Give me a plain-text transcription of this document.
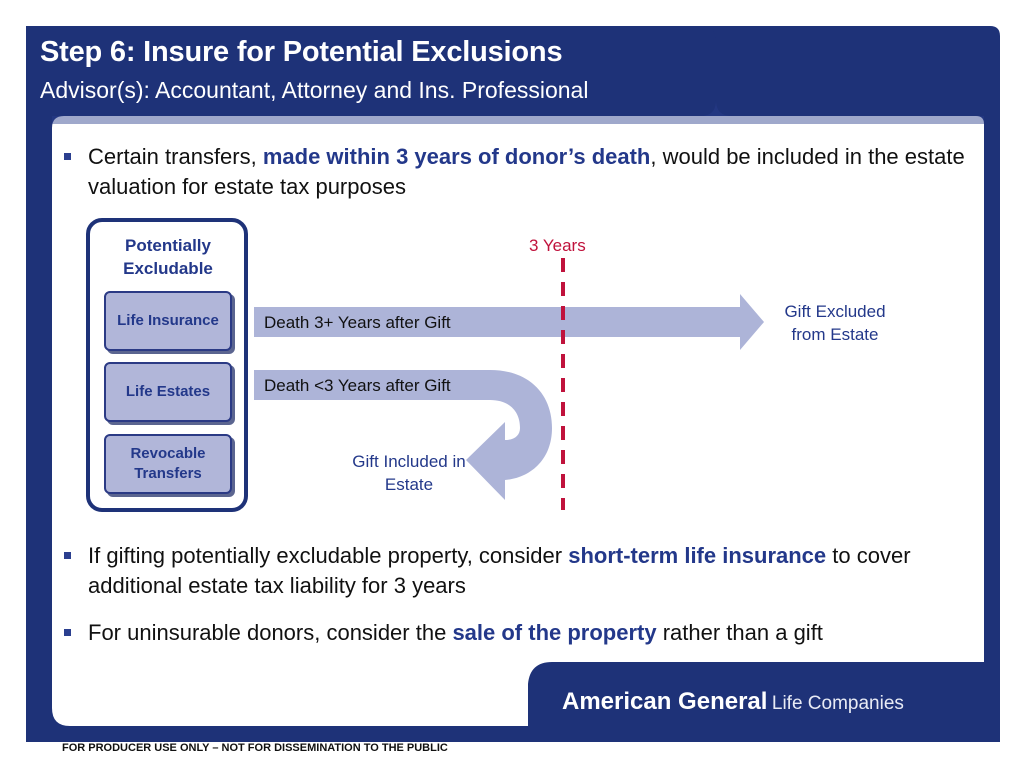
Step 6: Insure for Potential Exclusions
Advisor(s): Accountant, Attorney and Ins. Professional
Certain transfers, made within 3 years of donor’s death, would be included in the estate valuation for estate tax purposes
Potentially Excludable
Life Insurance
Life Estates
Revocable Transfers
3 Years
Death 3+ Years after Gift
Death <3 Years after Gift
Gift Excluded from Estate
Gift Included in Estate
If gifting potentially excludable property, consider short-term life insurance to cover additional estate tax liability for 3 years
For uninsurable donors, consider the sale of the property rather than a gift
American General Life Companies
FOR PRODUCER USE ONLY – NOT FOR DISSEMINATION TO THE PUBLIC
